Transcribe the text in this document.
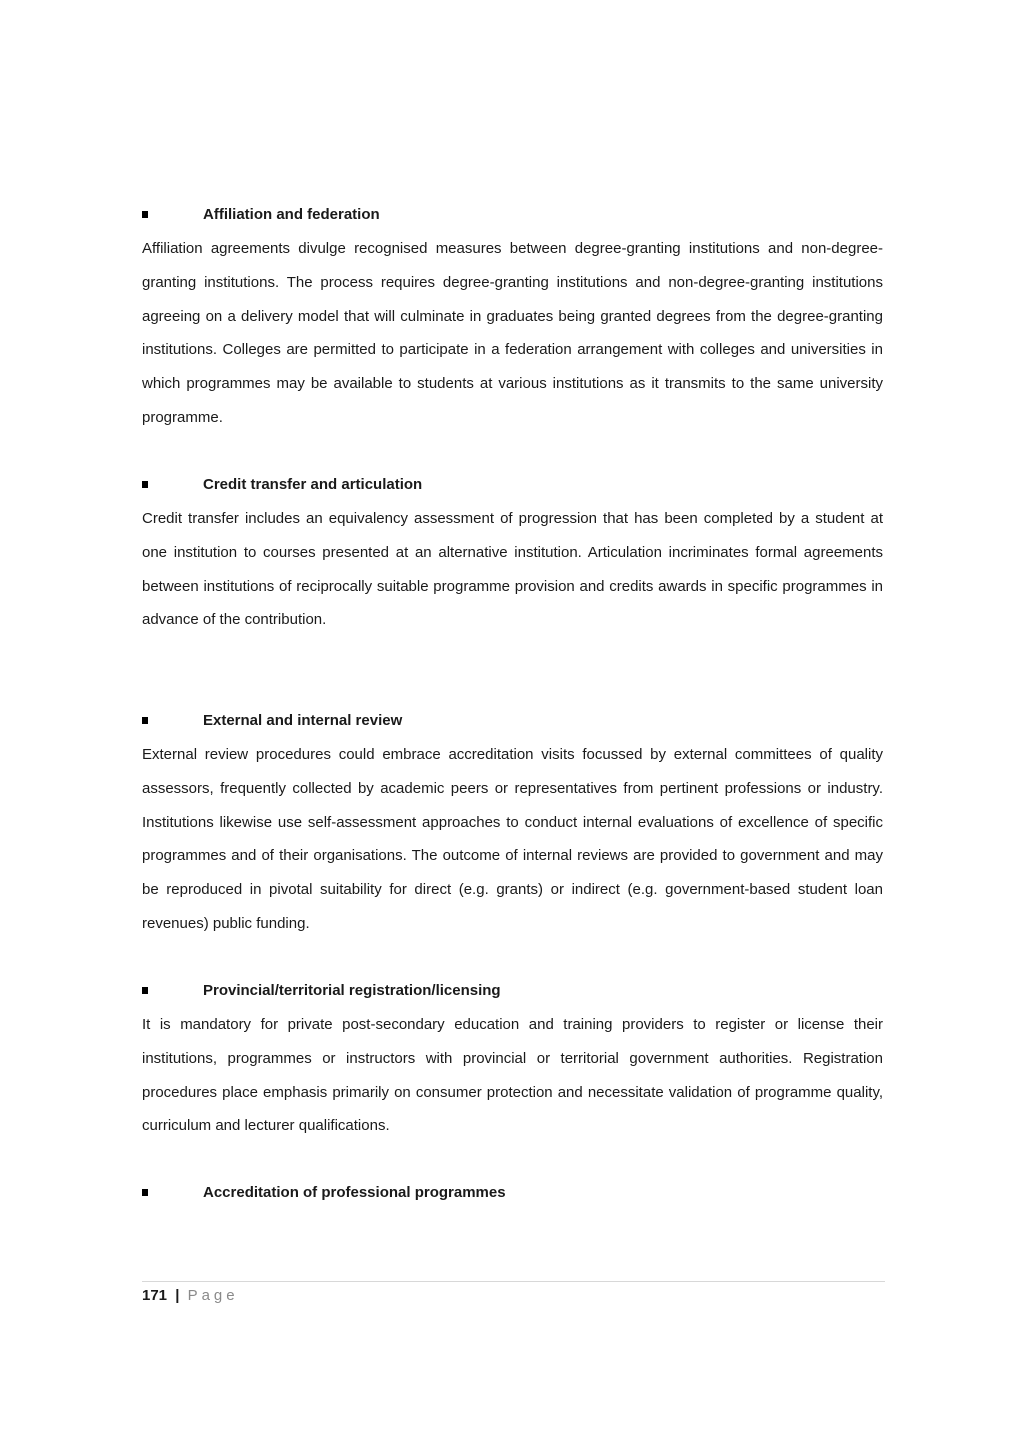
Affiliation and federation

Affiliation agreements divulge recognised measures between degree-granting institutions and non-degree-granting institutions. The process requires degree-granting institutions and non-degree-granting institutions agreeing on a delivery model that will culminate in graduates being granted degrees from the degree-granting institutions. Colleges are permitted to participate in a federation arrangement with colleges and universities in which programmes may be available to students at various institutions as it transmits to the same university programme.

Credit transfer and articulation

Credit transfer includes an equivalency assessment of progression that has been completed by a student at one institution to courses presented at an alternative institution. Articulation incriminates formal agreements between institutions of reciprocally suitable programme provision and credits awards in specific programmes in advance of the contribution.

External and internal review

External review procedures could embrace accreditation visits focussed by external committees of quality assessors, frequently collected by academic peers or representatives from pertinent professions or industry. Institutions likewise use self-assessment approaches to conduct internal evaluations of excellence of specific programmes and of their organisations. The outcome of internal reviews are provided to government and may be reproduced in pivotal suitability for direct (e.g. grants) or indirect (e.g. government-based student loan revenues) public funding.

Provincial/territorial registration/licensing

It is mandatory for private post-secondary education and training providers to register or license their institutions, programmes or instructors with provincial or territorial government authorities. Registration procedures place emphasis primarily on consumer protection and necessitate validation of programme quality, curriculum and lecturer qualifications.

Accreditation of professional programmes
171 | Page
